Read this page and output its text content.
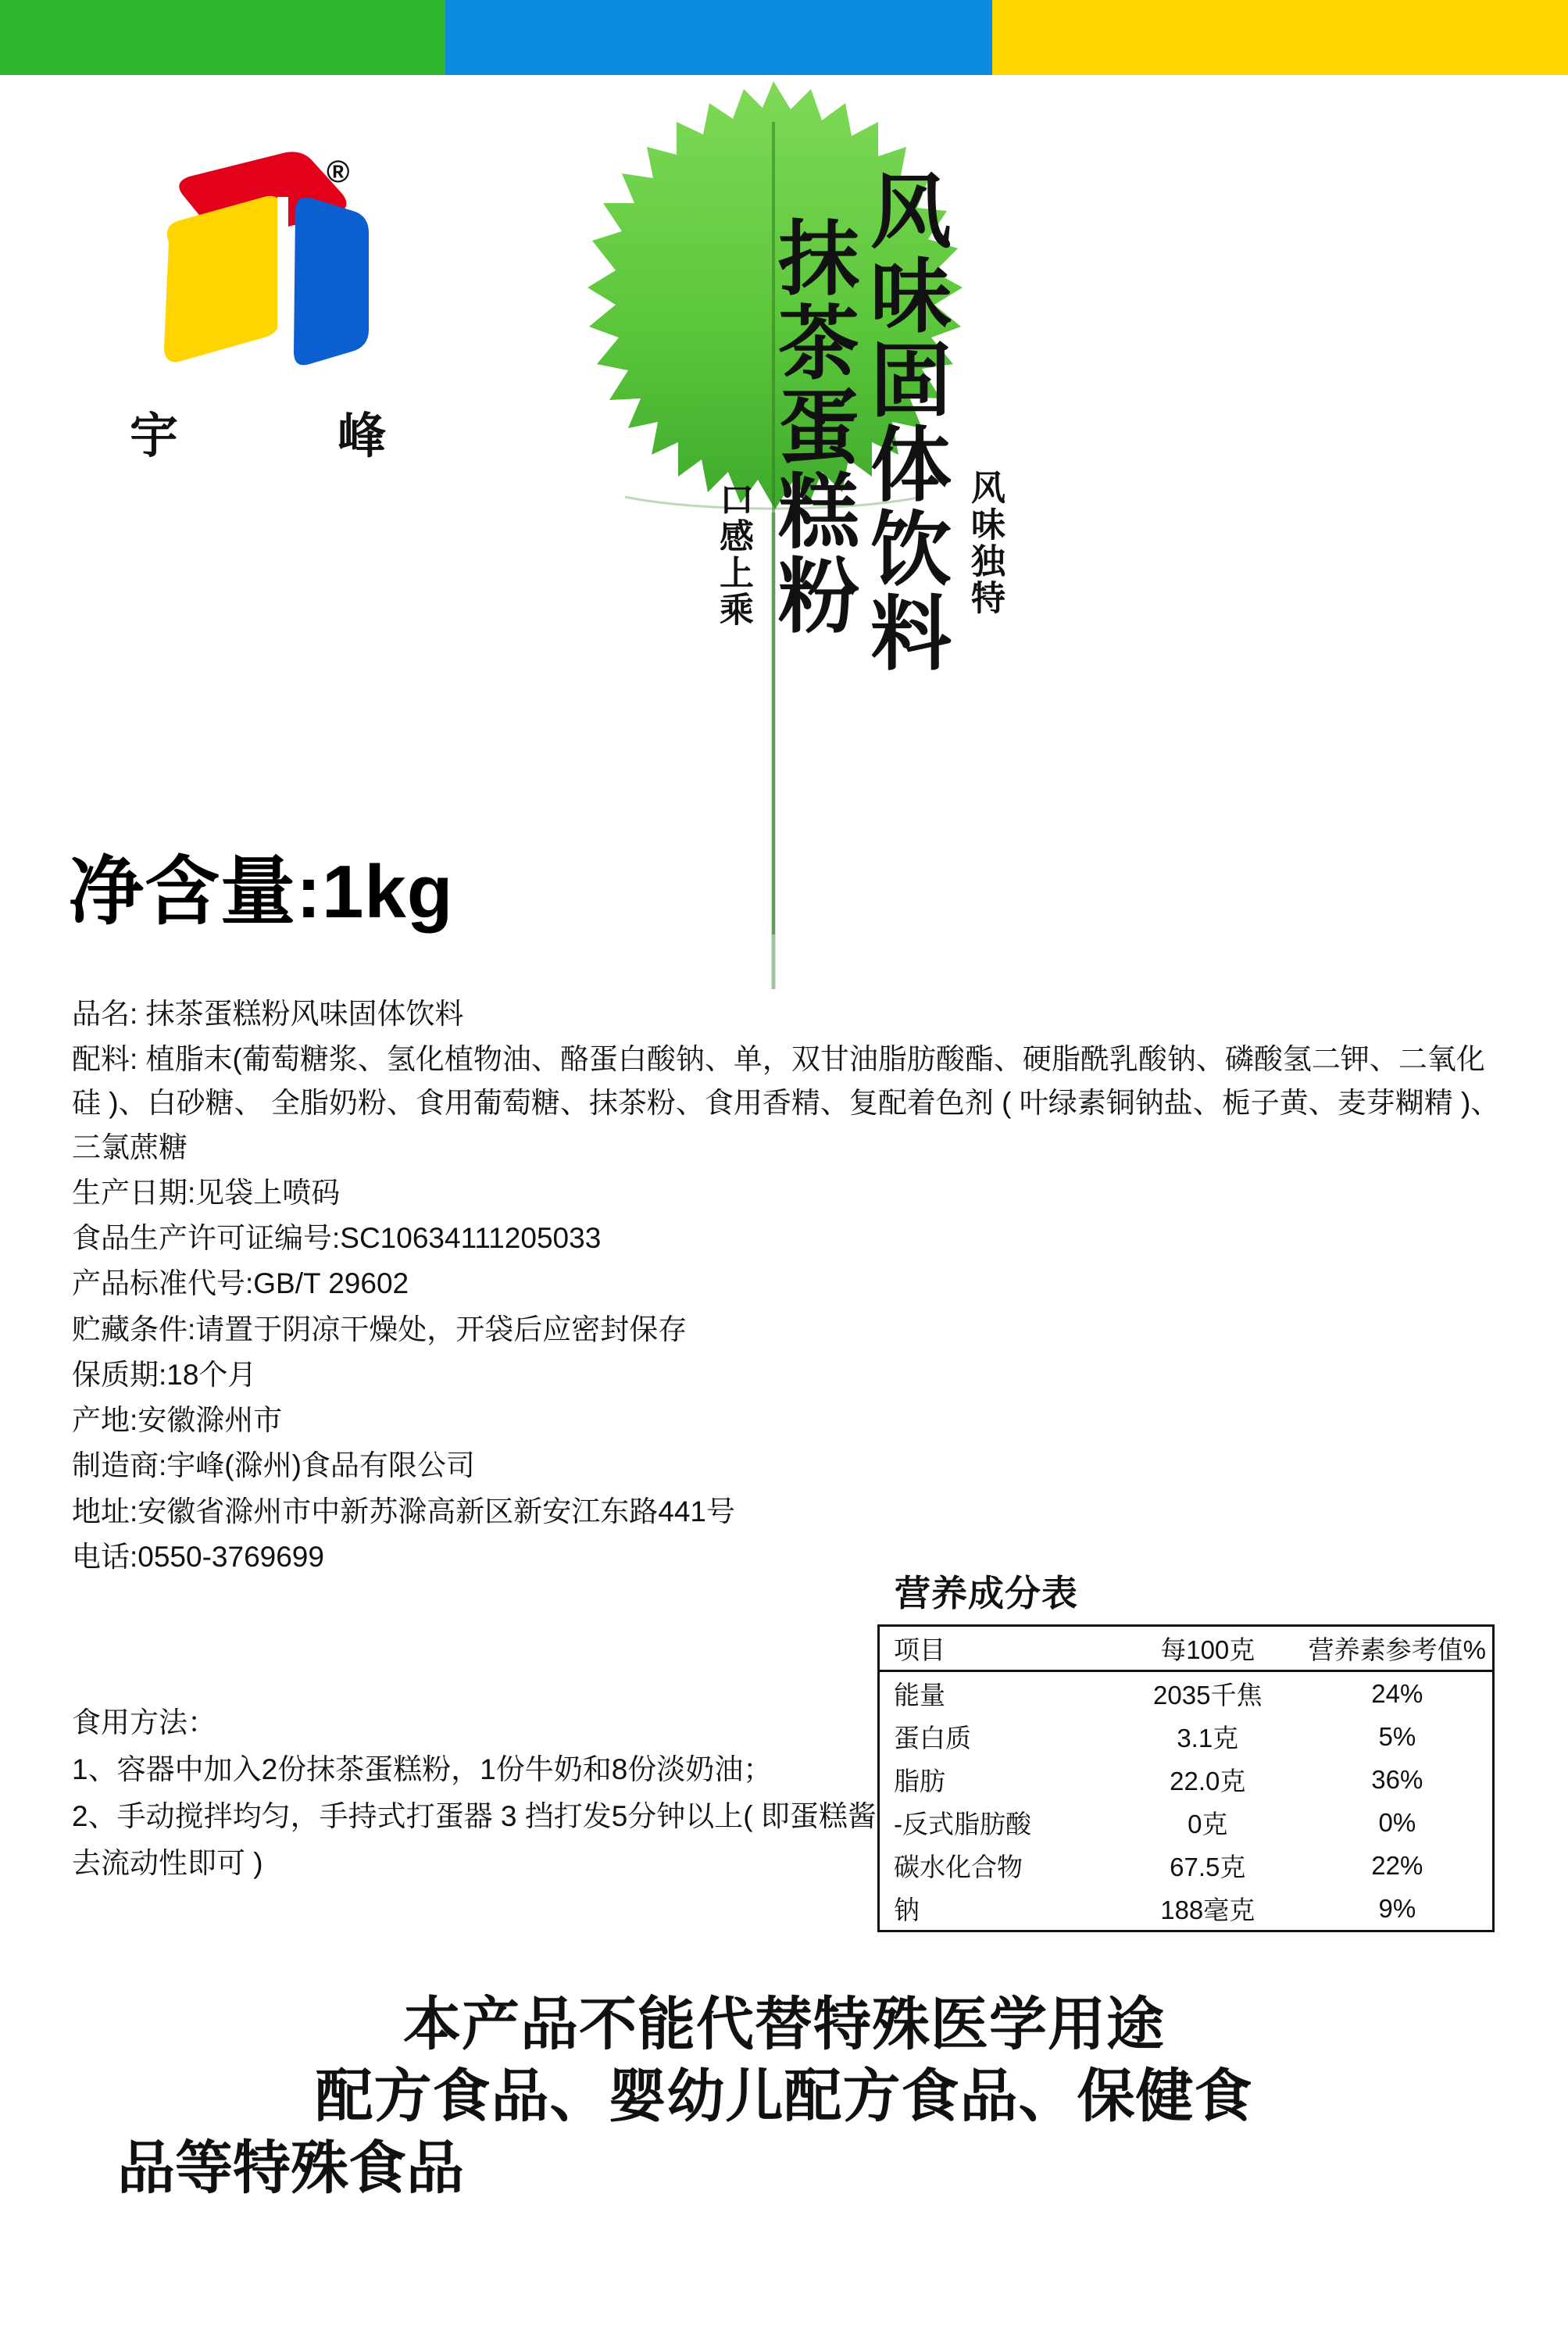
风味固体饮料
抹茶蛋糕粉
口感上乘	风味独特
®
宇	峰
净含量:1kg
品名: 抹茶蛋糕粉风味固体饮料
配料: 植脂末(葡萄糖浆、氢化植物油、酪蛋白酸钠、单，双甘油脂肪酸酯、硬脂酰乳酸钠、磷酸氢二钾、二氧化硅 )、白砂糖、 全脂奶粉、食用葡萄糖、抹茶粉、食用香精、复配着色剂 ( 叶绿素铜钠盐、栀子黄、麦芽糊精 )、三氯蔗糖
生产日期:见袋上喷码
食品生产许可证编号:SC10634111205033
产品标准代号:GB/T 29602
贮藏条件:请置于阴凉干燥处，开袋后应密封保存
保质期:18个月
产地:安徽滁州市
制造商:宇峰(滁州)食品有限公司
地址:安徽省滁州市中新苏滁高新区新安江东路441号
电话:0550-3769699
食用方法：
1、容器中加入2份抹茶蛋糕粉，1份牛奶和8份淡奶油；
2、手动搅拌均匀，手持式打蛋器 3 挡打发5分钟以上( 即蛋糕酱去流动性即可 )
营养成分表
项目	每100克	营养素参考值%
能量	2035千焦	24%
蛋白质	3.1克	5%
脂肪	22.0克	36%
-反式脂肪酸	0克	0%
碳水化合物	67.5克	22%
钠	188毫克	9%
本产品不能代替特殊医学用途
配方食品、婴幼儿配方食品、保健食
品等特殊食品
